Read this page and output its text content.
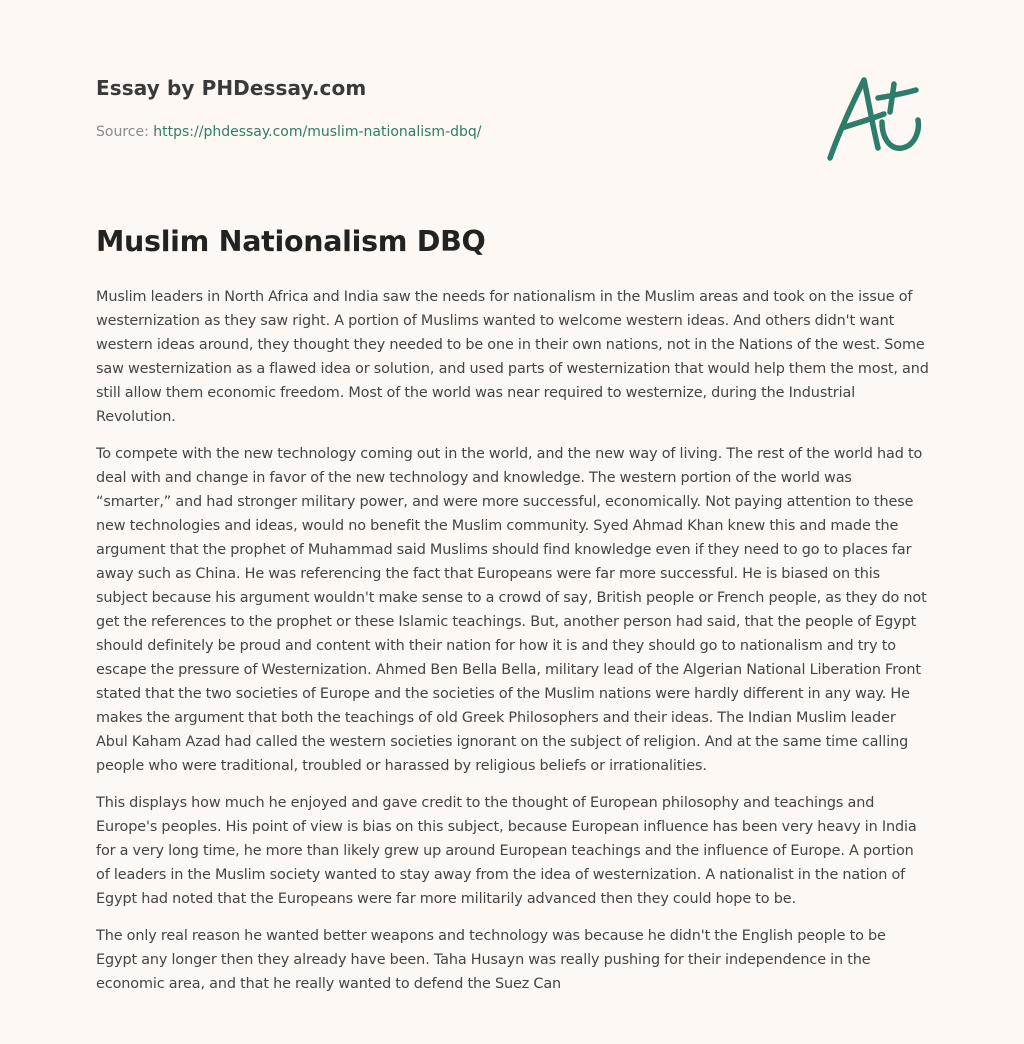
Essay by PHDessay.com
Source: https://phdessay.com/muslim-nationalism-dbq/
Muslim Nationalism DBQ

Muslim leaders in North Africa and India saw the needs for nationalism in the Muslim areas and took on the issue of westernization as they saw right. A portion of Muslims wanted to welcome western ideas. And others didn't want western ideas around, they thought they needed to be one in their own nations, not in the Nations of the west. Some saw westernization as a flawed idea or solution, and used parts of westernization that would help them the most, and still allow them economic freedom. Most of the world was near required to westernize, during the Industrial Revolution.

To compete with the new technology coming out in the world, and the new way of living. The rest of the world had to deal with and change in favor of the new technology and knowledge. The western portion of the world was “smarter,” and had stronger military power, and were more successful, economically. Not paying attention to these new technologies and ideas, would no benefit the Muslim community. Syed Ahmad Khan knew this and made the argument that the prophet of Muhammad said Muslims should find knowledge even if they need to go to places far away such as China. He was referencing the fact that Europeans were far more successful. He is biased on this subject because his argument wouldn't make sense to a crowd of say, British people or French people, as they do not get the references to the prophet or these Islamic teachings. But, another person had said, that the people of Egypt should definitely be proud and content with their nation for how it is and they should go to nationalism and try to escape the pressure of Westernization. Ahmed Ben Bella Bella, military lead of the Algerian National Liberation Front stated that the two societies of Europe and the societies of the Muslim nations were hardly different in any way. He makes the argument that both the teachings of old Greek Philosophers and their ideas. The Indian Muslim leader Abul Kaham Azad had called the western societies ignorant on the subject of religion. And at the same time calling people who were traditional, troubled or harassed by religious beliefs or irrationalities.

This displays how much he enjoyed and gave credit to the thought of European philosophy and teachings and Europe's peoples. His point of view is bias on this subject, because European influence has been very heavy in India for a very long time, he more than likely grew up around European teachings and the influence of Europe. A portion of leaders in the Muslim society wanted to stay away from the idea of westernization. A nationalist in the nation of Egypt had noted that the Europeans were far more militarily advanced then they could hope to be.

The only real reason he wanted better weapons and technology was because he didn't the English people to be Egypt any longer then they already have been. Taha Husayn was really pushing for their independence in the economic area, and that he really wanted to defend the Suez Can
